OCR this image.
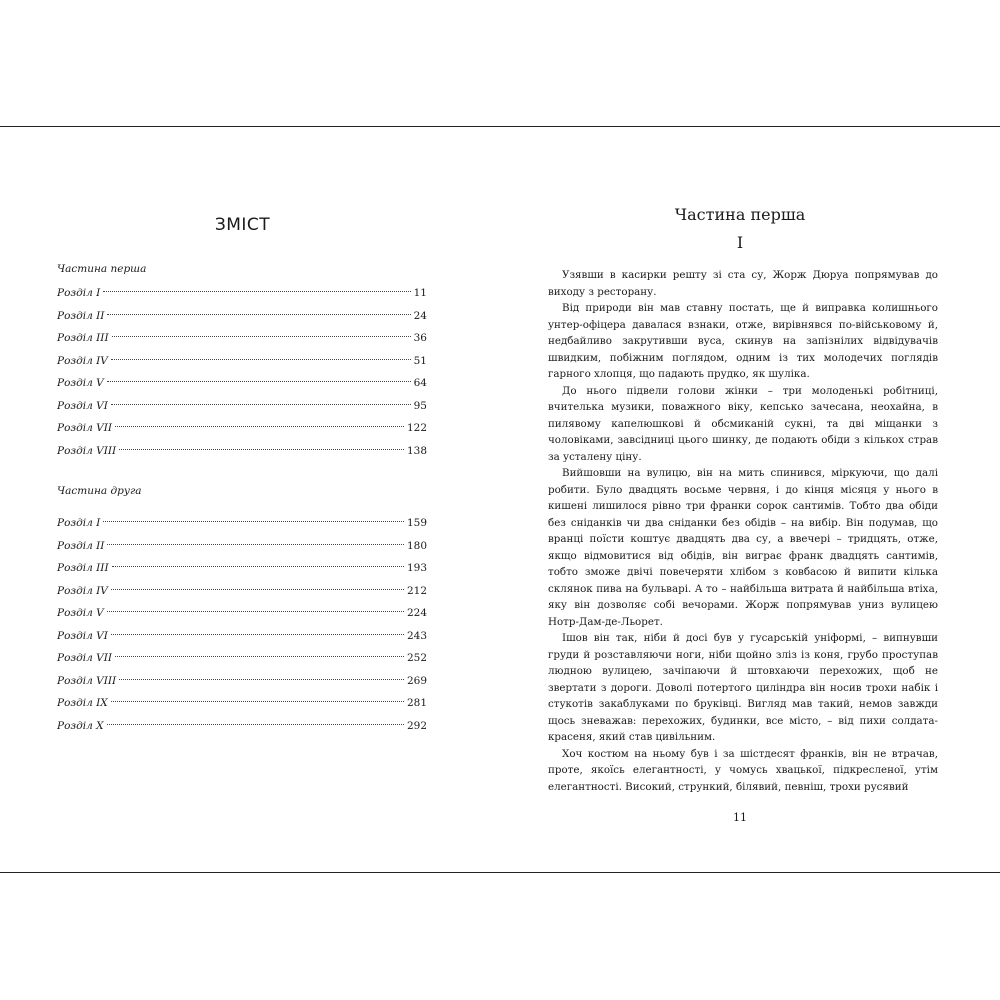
ЗМІСТ
Частина перша
Розділ I	11
Розділ II	24
Розділ III	36
Розділ IV	51
Розділ V	64
Розділ VI	95
Розділ VII	122
Розділ VIII	138
Частина друга
Розділ I	159
Розділ II	180
Розділ III	193
Розділ IV	212
Розділ V	224
Розділ VI	243
Розділ VII	252
Розділ VIII	269
Розділ IX	281
Розділ X	292
Частина перша
I

Узявши в касирки решту зі ста су, Жорж Дюруа попрямував до виходу з ресторану.

Від природи він мав ставну постать, ще й виправка колишнього унтер-офіцера давалася взнаки, отже, вирівнявся по-військовому й, недбайливо закрутивши вуса, скинув на запізнілих відвідувачів швидким, побіжним поглядом, одним із тих молодечих поглядів гарного хлопця, що падають прудко, як шуліка.

До нього підвели голови жінки – три молоденькі робітниці, вчителька музики, поважного віку, кепсько зачесана, неохайна, в пилявому капелюшкові й обсмиканій сукні, та дві міщанки з чоловіками, завсідниці цього шинку, де подають обіди з кількох страв за усталену ціну.

Вийшовши на вулицю, він на мить спинився, міркуючи, що далі робити. Було двадцять восьме червня, і до кінця місяця у нього в кишені лишилося рівно три франки сорок сантимів. Тобто два обіди без сніданків чи два сніданки без обідів – на вибір. Він подумав, що вранці поїсти коштує двадцять два су, а ввечері – тридцять, отже, якщо відмовитися від обідів, він виграє франк двадцять сантимів, тобто зможе двічі повечеряти хлібом з ковбасою й випити кілька склянок пива на бульварі. А то – найбільша витрата й найбільша втіха, яку він дозволяє собі вечорами. Жорж попрямував униз вулицею Нотр-Дам-де-Льорет.

Ішов він так, ніби й досі був у гусарській уніформі, – випнувши груди й розставляючи ноги, ніби щойно зліз із коня, грубо проступав людною вулицею, зачіпаючи й штовхаючи перехожих, щоб не звертати з дороги. Доволі потертого циліндра він носив трохи набік і стукотів закаблуками по бруківці. Вигляд мав такий, немов завжди щось зневажав: перехожих, будинки, все місто, – від пихи солдата-красеня, який став цивільним.

Хоч костюм на ньому був і за шістдесят франків, він не втрачав, проте, якоїсь елегантності, у чомусь хвацької, підкресленої, утім елегантності. Високий, стрункий, білявий, певніш, трохи русявий

11
